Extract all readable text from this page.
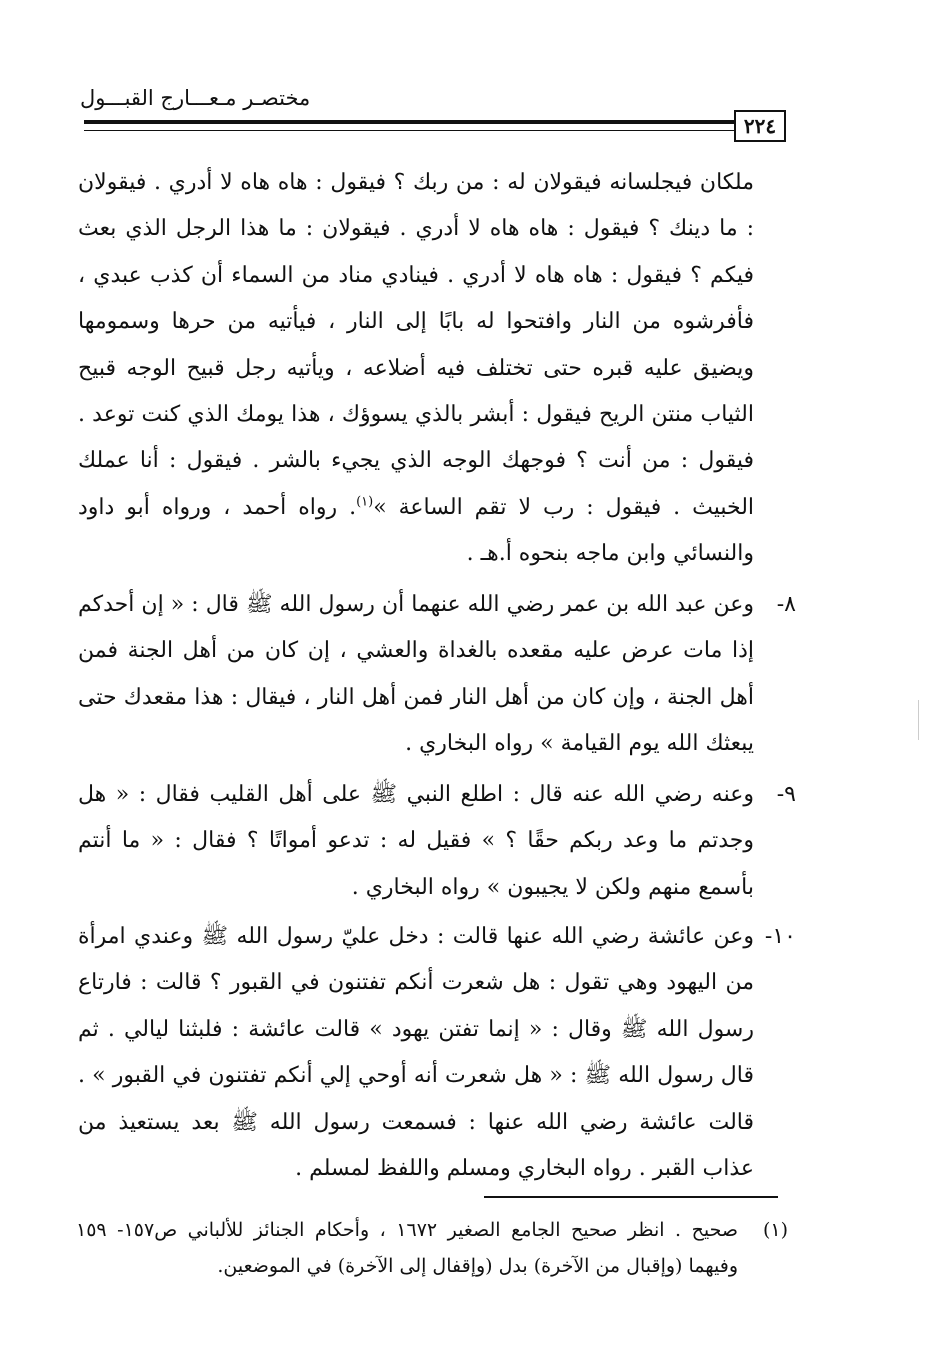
مختصـر مـعـــارج القبـــول
٢٢٤

ملكان فيجلسانه فيقولان له : من ربك ؟ فيقول : هاه هاه لا أدري . فيقولان : ما دينك ؟ فيقول : هاه هاه لا أدري . فيقولان : ما هذا الرجل الذي بعث فيكم ؟ فيقول : هاه هاه لا أدري . فينادي مناد من السماء أن كذب عبدي ، فأفرشوه من النار وافتحوا له بابًا إلى النار ، فيأتيه من حرها وسمومها ويضيق عليه قبره حتى تختلف فيه أضلاعه ، ويأتيه رجل قبيح الوجه قبيح الثياب منتن الريح فيقول : أبشر بالذي يسوؤك ، هذا يومك الذي كنت توعد . فيقول : من أنت ؟ فوجهك الوجه الذي يجيء بالشر . فيقول : أنا عملك الخبيث . فيقول : رب لا تقم الساعة »$^{(١)}$. رواه أحمد ، ورواه أبو داود والنسائي وابن ماجه بنحوه أ.هـ .

٨-

وعن عبد الله بن عمر رضي الله عنهما أن رسول الله ﷺ قال : « إن أحدكم إذا مات عرض عليه مقعده بالغداة والعشي ، إن كان من أهل الجنة فمن أهل الجنة ، وإن كان من أهل النار فمن أهل النار ، فيقال : هذا مقعدك حتى يبعثك الله يوم القيامة » رواه البخاري .

٩-

وعنه رضي الله عنه قال : اطلع النبي ﷺ على أهل القليب فقال : « هل وجدتم ما وعد ربكم حقًا ؟ » فقيل له : تدعو أمواتًا ؟ فقال : « ما أنتم بأسمع منهم ولكن لا يجيبون » رواه البخاري .

١٠-

وعن عائشة رضي الله عنها قالت : دخل عليّ رسول الله ﷺ وعندي امرأة من اليهود وهي تقول : هل شعرت أنكم تفتنون في القبور ؟ قالت : فارتاع رسول الله ﷺ وقال : « إنما تفتن يهود » قالت عائشة : فلبثنا ليالي . ثم قال رسول الله ﷺ : « هل شعرت أنه أوحي إلي أنكم تفتنون في القبور » . قالت عائشة رضي الله عنها : فسمعت رسول الله ﷺ بعد يستعيذ من عذاب القبر . رواه البخاري ومسلم واللفظ لمسلم .

(١)

صحيح . انظر صحيح الجامع الصغير ١٦٧٢ ، وأحكام الجنائز للألباني ص١٥٧- ١٥٩ وفيهما (وإقبال من الآخرة) بدل (وإقفال إلى الآخرة) في الموضعين.
